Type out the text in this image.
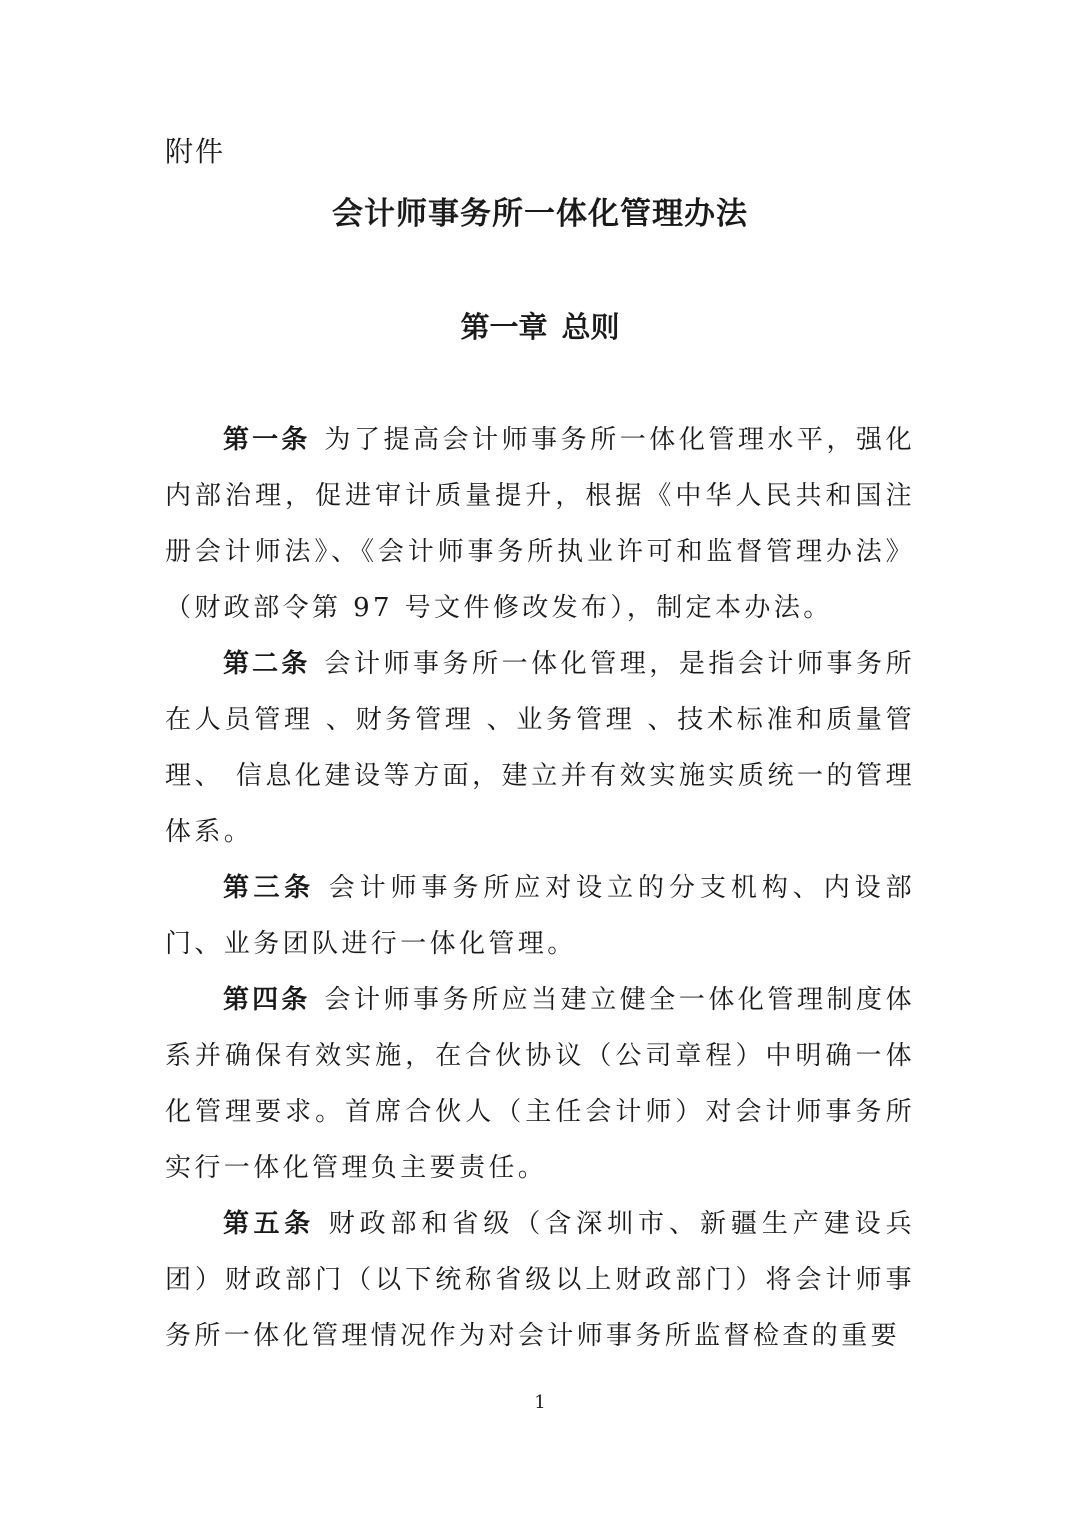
附件
会计师事务所一体化管理办法
第一章 总则

第一条 为了提高会计师事务所一体化管理水平，强化内部治理，促进审计质量提升，根据《中华人民共和国注册会计师法》、《会计师事务所执业许可和监督管理办法》（财政部令第 97 号文件修改发布），制定本办法。

第二条 会计师事务所一体化管理，是指会计师事务所在人员管理 、财务管理 、业务管理 、技术标准和质量管理、 信息化建设等方面，建立并有效实施实质统一的管理体系。

第三条 会计师事务所应对设立的分支机构、内设部门、业务团队进行一体化管理。

第四条 会计师事务所应当建立健全一体化管理制度体系并确保有效实施，在合伙协议（公司章程）中明确一体化管理要求。首席合伙人（主任会计师）对会计师事务所实行一体化管理负主要责任。

第五条 财政部和省级（含深圳市、新疆生产建设兵团）财政部门（以下统称省级以上财政部门）将会计师事务所一体化管理情况作为对会计师事务所监督检查的重要

1
